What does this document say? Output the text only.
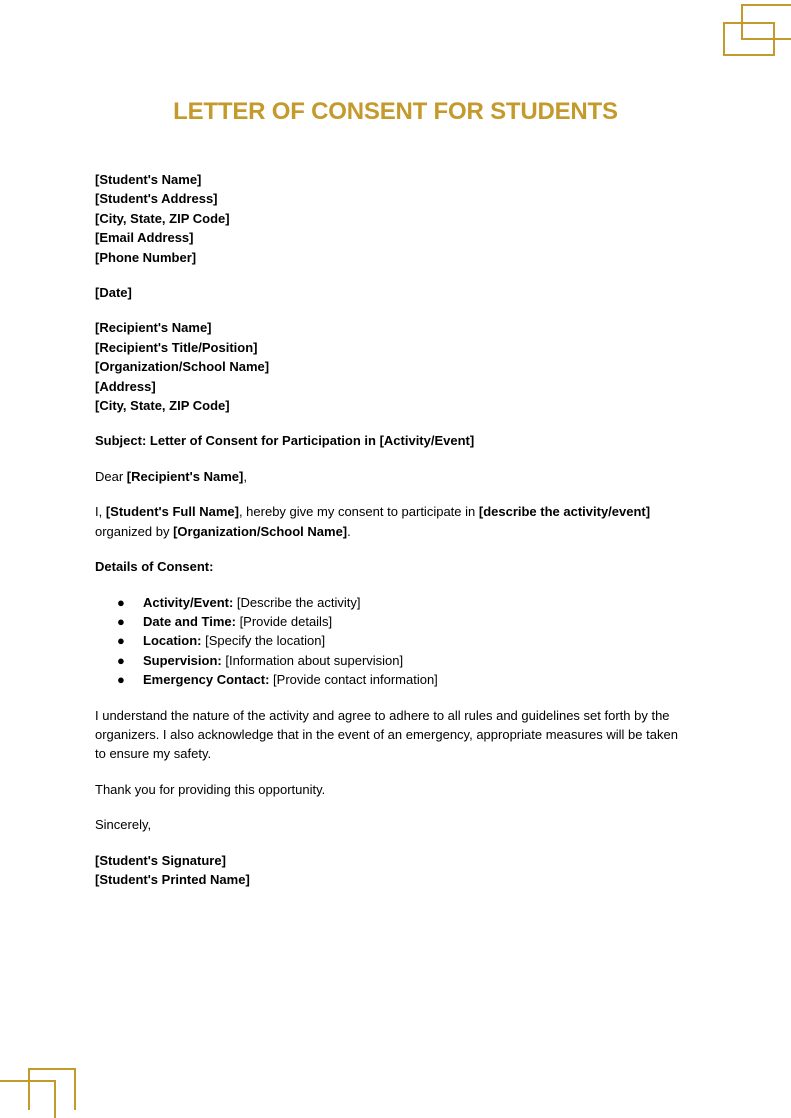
LETTER OF CONSENT FOR STUDENTS
[Student's Name]
[Student's Address]
[City, State, ZIP Code]
[Email Address]
[Phone Number]
[Date]
[Recipient's Name]
[Recipient's Title/Position]
[Organization/School Name]
[Address]
[City, State, ZIP Code]
Subject: Letter of Consent for Participation in [Activity/Event]
Dear [Recipient's Name],
I, [Student's Full Name], hereby give my consent to participate in [describe the activity/event]
organized by [Organization/School Name].
Details of Consent:
● Activity/Event: [Describe the activity]
● Date and Time: [Provide details]
● Location: [Specify the location]
● Supervision: [Information about supervision]
● Emergency Contact: [Provide contact information]
I understand the nature of the activity and agree to adhere to all rules and guidelines set forth by the
organizers. I also acknowledge that in the event of an emergency, appropriate measures will be taken
to ensure my safety.
Thank you for providing this opportunity.
Sincerely,
[Student's Signature]
[Student's Printed Name]
